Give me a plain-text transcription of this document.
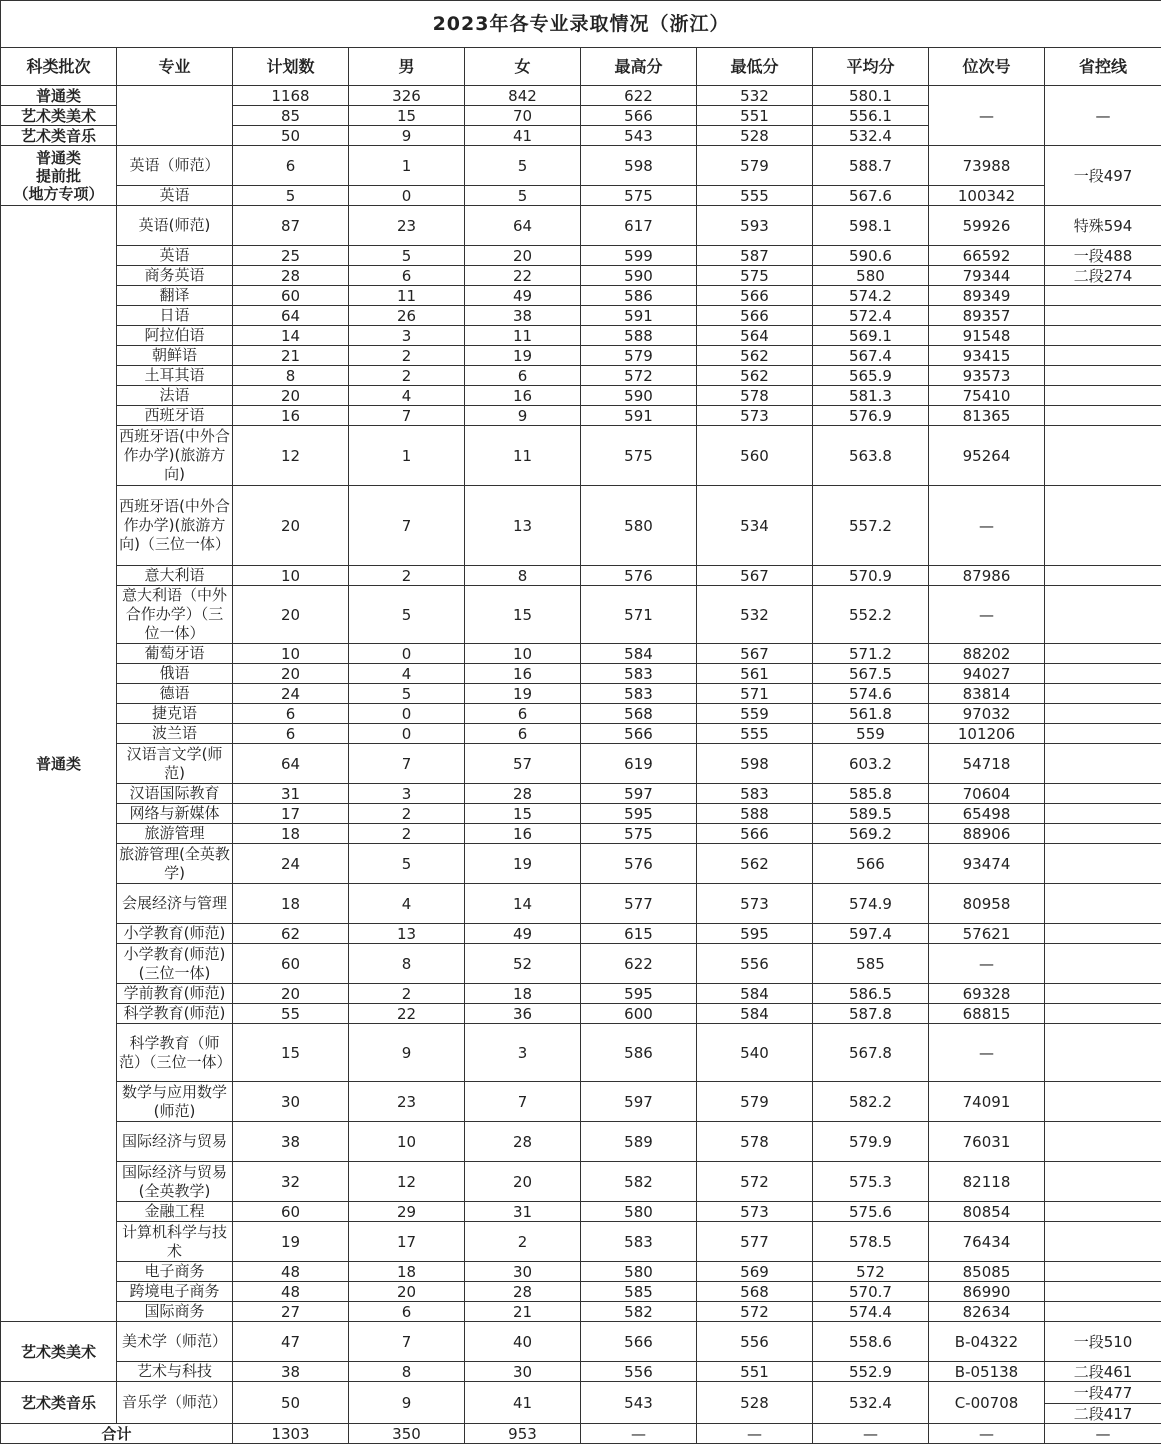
2023年各专业录取情况（浙江）									
科类批次	专业	计划数	男	女	最高分	最低分	平均分	位次号	省控线
普通类		1168	326	842	622	532	580.1	—	—
艺术类美术		85	15	70	566	551	556.1		
艺术类音乐		50	9	41	543	528	532.4		

普通类
提前批
（地方专项）	英语（师范）	6	1	5	598	579	588.7	73988	一段497
	英语	5	0	5	575	555	567.6	100342	
普通类	英语(师范)	87	23	64	617	593	598.1	59926	特殊594
	英语	25	5	20	599	587	590.6	66592	一段488
	商务英语	28	6	22	590	575	580	79344	二段274
	翻译	60	11	49	586	566	574.2	89349	
	日语	64	26	38	591	566	572.4	89357	
	阿拉伯语	14	3	11	588	564	569.1	91548	
	朝鲜语	21	2	19	579	562	567.4	93415	
	土耳其语	8	2	6	572	562	565.9	93573	
	法语	20	4	16	590	578	581.3	75410	
	西班牙语	16	7	9	591	573	576.9	81365	
	西班牙语(中外合作办学)(旅游方向)	12	1	11	575	560	563.8	95264	
	西班牙语(中外合作办学)(旅游方向)（三位一体）	20	7	13	580	534	557.2	—	
	意大利语	10	2	8	576	567	570.9	87986	
	意大利语（中外合作办学）（三位一体）	20	5	15	571	532	552.2	—	
	葡萄牙语	10	0	10	584	567	571.2	88202	
	俄语	20	4	16	583	561	567.5	94027	
	德语	24	5	19	583	571	574.6	83814	
	捷克语	6	0	6	568	559	561.8	97032	
	波兰语	6	0	6	566	555	559	101206	
	汉语言文学(师范)	64	7	57	619	598	603.2	54718	
	汉语国际教育	31	3	28	597	583	585.8	70604	
	网络与新媒体	17	2	15	595	588	589.5	65498	
	旅游管理	18	2	16	575	566	569.2	88906	
	旅游管理(全英教学)	24	5	19	576	562	566	93474	
	会展经济与管理	18	4	14	577	573	574.9	80958	
	小学教育(师范)	62	13	49	615	595	597.4	57621	
	小学教育(师范)(三位一体)	60	8	52	622	556	585	—	
	学前教育(师范)	20	2	18	595	584	586.5	69328	
	科学教育(师范)	55	22	36	600	584	587.8	68815	
	科学教育（师范）（三位一体）	15	9	3	586	540	567.8	—	
	数学与应用数学(师范)	30	23	7	597	579	582.2	74091	
	国际经济与贸易	38	10	28	589	578	579.9	76031	
	国际经济与贸易(全英教学)	32	12	20	582	572	575.3	82118	
	金融工程	60	29	31	580	573	575.6	80854	
	计算机科学与技术	19	17	2	583	577	578.5	76434	
	电子商务	48	18	30	580	569	572	85085	
	跨境电子商务	48	20	28	585	568	570.7	86990	
	国际商务	27	6	21	582	572	574.4	82634	
艺术类美术	美术学（师范）	47	7	40	566	556	558.6	B-04322	一段510
	艺术与科技	38	8	30	556	551	552.9	B-05138	二段461
艺术类音乐	音乐学（师范）	50	9	41	543	528	532.4	C-00708	一段477
									二段417
合计		1303	350	953	—	—	—	—	—
